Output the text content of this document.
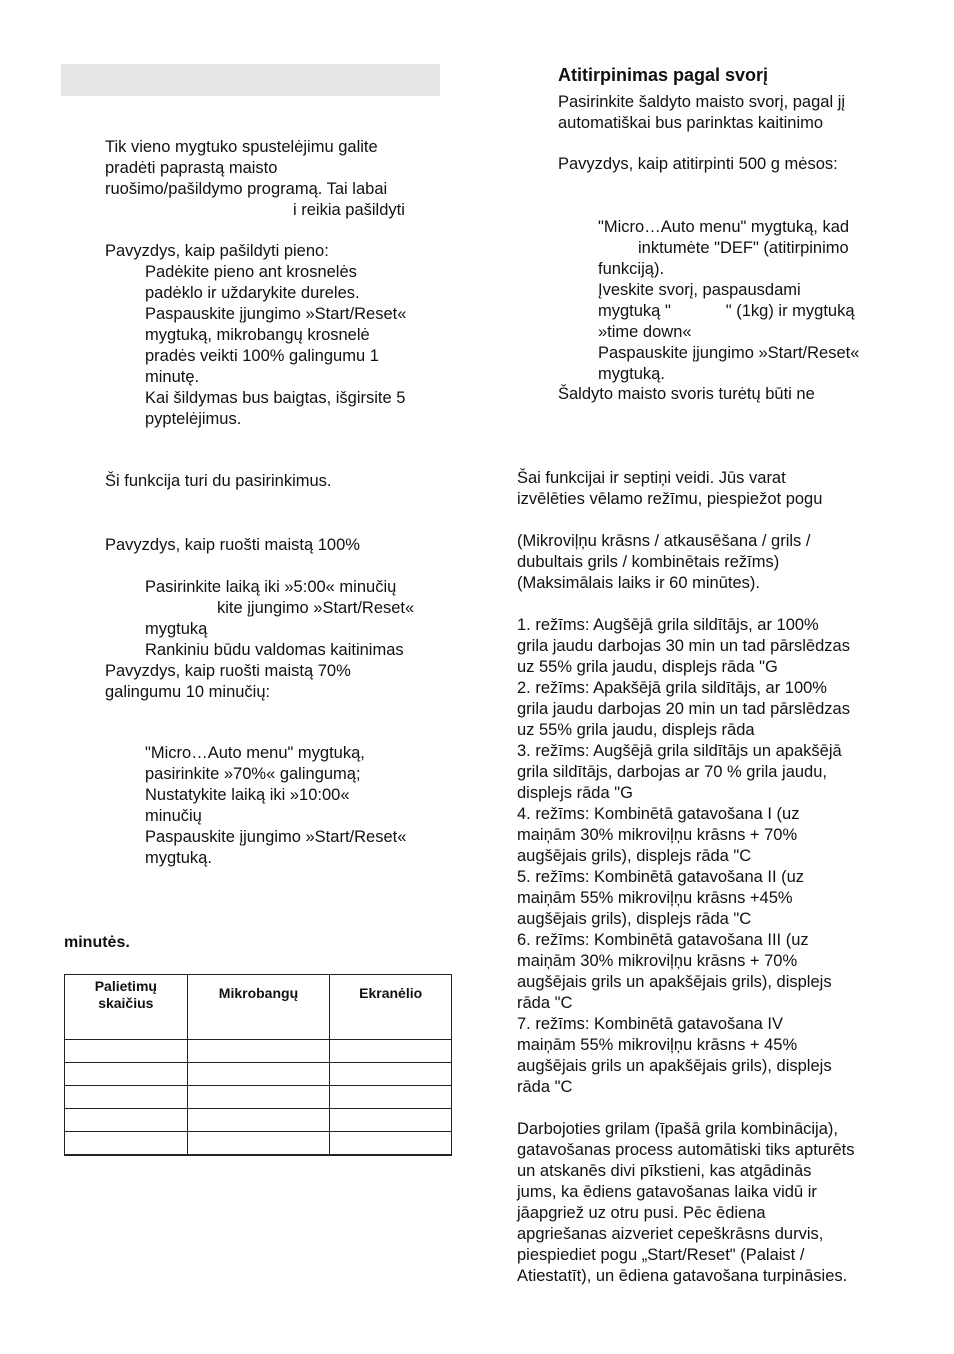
Tik vieno mygtuko spustelėjimu galite
pradėti paprastą maisto
ruošimo/pašildymo programą. Tai labai
i reikia pašildyti
Pavyzdys, kaip pašildyti pieno:
Padėkite pieno ant krosnelės
padėklo ir uždarykite dureles.
Paspauskite įjungimo »Start/Reset«
mygtuką, mikrobangų krosnelė
pradės veikti 100% galingumu 1
minutę.
Kai šildymas bus baigtas, išgirsite 5
pyptelėjimus.
Ši funkcija turi du pasirinkimus.
Pavyzdys, kaip ruošti maistą 100%
Pasirinkite laiką iki »5:00« minučių
kite įjungimo »Start/Reset«
mygtuką
Rankiniu būdu valdomas kaitinimas
Pavyzdys, kaip ruošti maistą 70%
galingumu 10 minučių:
"Micro…Auto menu" mygtuką,
pasirinkite »70%« galingumą;
Nustatykite laiką iki »10:00«
minučių
Paspauskite įjungimo »Start/Reset«
mygtuką.
minutės.
Palietimų
skaičius	Mikrobangų	Ekranėlio

Atitirpinimas pagal svorį
Pasirinkite šaldyto maisto svorį, pagal jį
automatiškai bus parinktas kaitinimo
Pavyzdys, kaip atitirpinti 500 g mėsos:
"Micro…Auto menu" mygtuką, kad
inktumėte "DEF" (atitirpinimo
funkciją).
Įveskite svorį, paspausdami
mygtuką "            " (1kg) ir mygtuką
»time down«
Paspauskite įjungimo »Start/Reset«
mygtuką.
Šaldyto maisto svoris turėtų būti ne
Šai funkcijai ir septiņi veidi. Jūs varat
izvēlēties vēlamo režīmu, piespiežot pogu
(Mikroviļņu krāsns / atkausēšana / grils /
dubultais grils / kombinētais režīms)
(Maksimālais laiks ir 60 minūtes).
1. režīms: Augšējā grila sildītājs, ar 100%
grila jaudu darbojas 30 min un tad pārslēdzas
uz 55% grila jaudu, displejs rāda "G
2. režīms: Apakšējā grila sildītājs, ar 100%
grila jaudu darbojas 20 min un tad pārslēdzas
uz 55% grila jaudu, displejs rāda
3. režīms: Augšējā grila sildītājs un apakšējā
grila sildītājs, darbojas ar 70 % grila jaudu,
displejs rāda "G
4. režīms: Kombinētā gatavošana I (uz
maiņām 30% mikroviļņu krāsns + 70%
augšējais grils), displejs rāda "C
5. režīms: Kombinētā gatavošana II (uz
maiņām 55% mikroviļņu krāsns +45%
augšējais grils), displejs rāda "C
6. režīms: Kombinētā gatavošana III (uz
maiņām 30% mikroviļņu krāsns + 70%
augšējais grils un apakšējais grils), displejs
rāda "C
7. režīms: Kombinētā gatavošana IV
maiņām 55% mikroviļņu krāsns + 45%
augšējais grils un apakšējais grils), displejs
rāda "C
Darbojoties grilam (īpašā grila kombinācija),
gatavošanas process automātiski tiks apturēts
un atskanēs divi pīkstieni, kas atgādinās
jums, ka ēdiens gatavošanas laika vidū ir
jāapgriež uz otru pusi. Pēc ēdiena
apgriešanas aizveriet cepeškrāsns durvis,
piespiediet pogu „Start/Reset" (Palaist /
Atiestatīt), un ēdiena gatavošana turpināsies.
